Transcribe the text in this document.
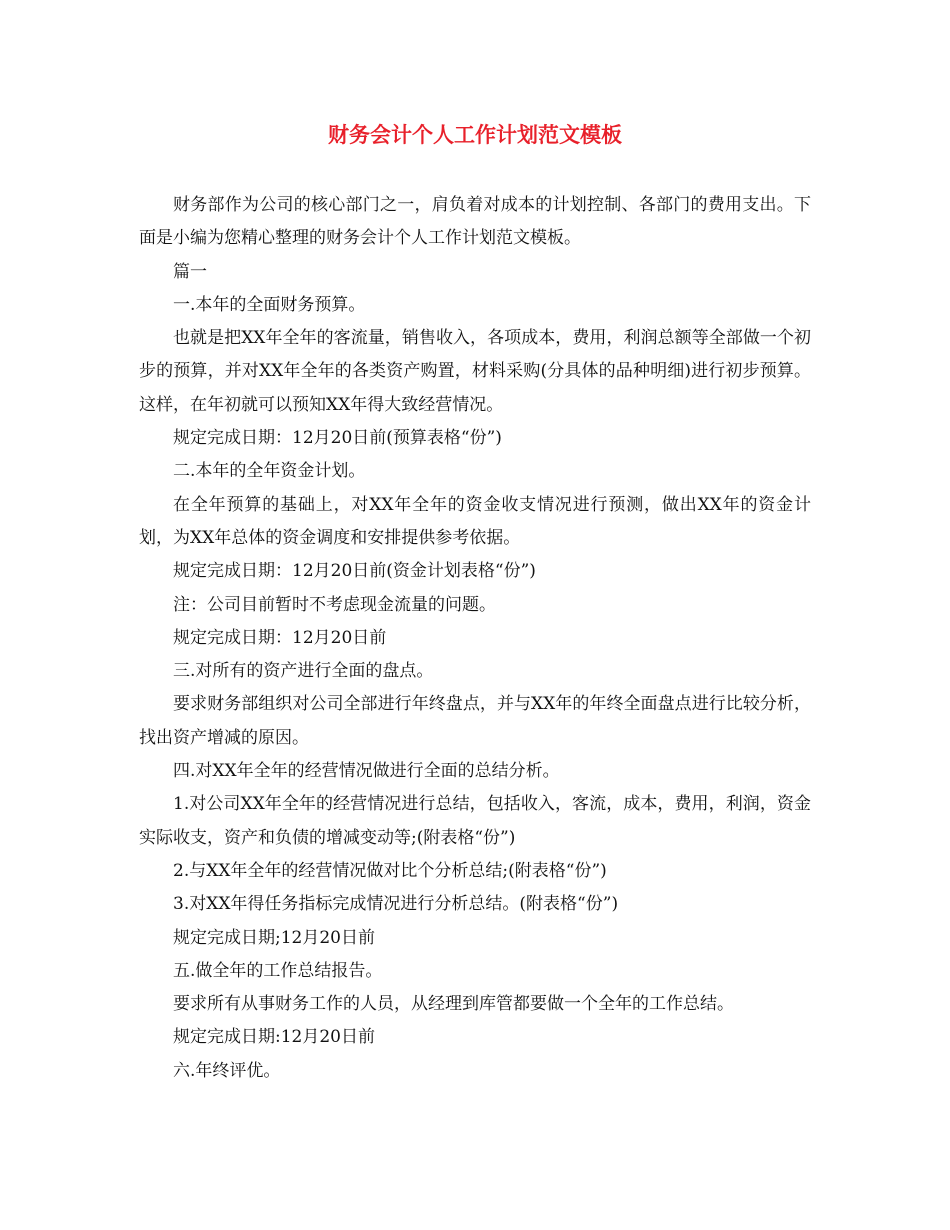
财务会计个人工作计划范文模板

财务部作为公司的核心部门之一，肩负着对成本的计划控制、各部门的费用支出。下面是小编为您精心整理的财务会计个人工作计划范文模板。

篇一

一.本年的全面财务预算。

也就是把XX年全年的客流量，销售收入，各项成本，费用，利润总额等全部做一个初步的预算，并对XX年全年的各类资产购置，材料采购(分具体的品种明细)进行初步预算。这样，在年初就可以预知XX年得大致经营情况。

规定完成日期：12月20日前(预算表格“份”)

二.本年的全年资金计划。

在全年预算的基础上，对XX年全年的资金收支情况进行预测，做出XX年的资金计划，为XX年总体的资金调度和安排提供参考依据。

规定完成日期：12月20日前(资金计划表格“份”)

注：公司目前暂时不考虑现金流量的问题。

规定完成日期：12月20日前

三.对所有的资产进行全面的盘点。

要求财务部组织对公司全部进行年终盘点，并与XX年的年终全面盘点进行比较分析，找出资产增减的原因。

四.对XX年全年的经营情况做进行全面的总结分析。

1.对公司XX年全年的经营情况进行总结，包括收入，客流，成本，费用，利润，资金实际收支，资产和负债的增减变动等;(附表格“份”)

2.与XX年全年的经营情况做对比个分析总结;(附表格“份”)

3.对XX年得任务指标完成情况进行分析总结。(附表格“份”)

规定完成日期;12月20日前

五.做全年的工作总结报告。

要求所有从事财务工作的人员，从经理到库管都要做一个全年的工作总结。

规定完成日期:12月20日前

六.年终评优。
